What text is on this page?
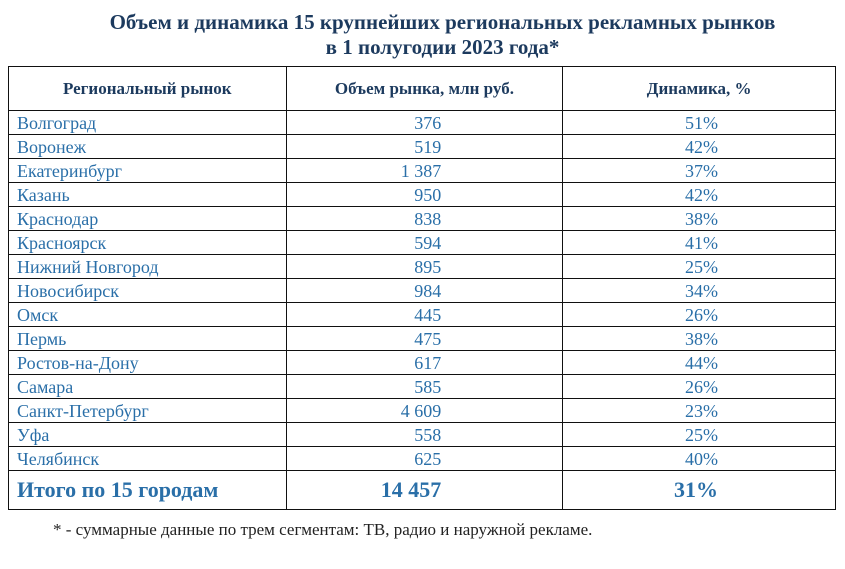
Объем и динамика 15 крупнейших региональных рекламных рынков
в 1 полугодии 2023 года*
Региональный рынок	Объем рынка, млн руб.	Динамика, %
Волгоград	376	51%
Воронеж	519	42%
Екатеринбург	1 387	37%
Казань	950	42%
Краснодар	838	38%
Красноярск	594	41%
Нижний Новгород	895	25%
Новосибирск	984	34%
Омск	445	26%
Пермь	475	38%
Ростов-на-Дону	617	44%
Самара	585	26%
Санкт-Петербург	4 609	23%
Уфа	558	25%
Челябинск	625	40%
Итого по 15 городам	14 457	31%
* - суммарные данные по трем сегментам: ТВ, радио и наружной рекламе.
